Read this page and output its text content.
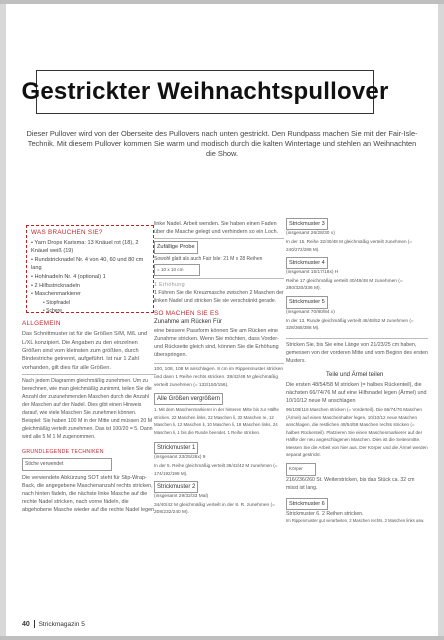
Gestrickter Weihnachtspullover

Dieser Pullover wird von der Oberseite des Pullovers nach unten gestrickt. Den Rundpass machen Sie mit der Fair-Isle-Technik. Mit diesem Pullover kommen Sie warm und modisch durch die kalten Wintertage und stehlen an Weihnachten die Show.

WAS BRAUCHEN SIE?
• Yarn Drops Karisma: 13 Knäuel rot (18), 2 Knäuel weiß (19)
• Rundstricknadel Nr. 4 von 40, 60 und 80 cm lang
• Hohlnadeln Nr. 4 (optional) 1
• 2 Hilfsstricknadeln
• Maschenmarkierer
• Stopfnadel
• Schere
ALLGEMEIN

Das Schnittmuster ist für die Größen S/M, M/L und L/XL konzipiert. Die Angaben zu den einzelnen Größen sind vom kleinsten zum größten, durch Bindestriche getrennt, aufgeführt. Ist nur 1 Zahl vorhanden, gilt dies für alle Größen.

Nach jedem Diagramm gleichmäßig zunehmen. Um zu berechnen, wie man gleichmäßig zunimmt, teilen Sie die Anzahl der zuzunehmenden Maschen durch die Anzahl der Maschen auf der Nadel. Dies gibt einen Hinweis darauf, wie viele Maschen Sie zunehmen können. Beispiel: Sie haben 100 M in der Mitte und müssen 20 M gleichmäßig verteilt zunehmen. Das ist 100/20 = 5. Dann wird alle 5 M 1 M zugenommen.

GRUNDLEGENDE TECHNIKEN
Stiche verwendet

Die verwendete Abkürzung SOT steht für Slip-Wrap-Back, die angegebene Maschenanzahl rechts stricken, nach hinten fädeln, die nächste linke Masche auf die rechte Nadel stricken, nach vorne fädeln, die abgehobene Masche wieder auf die rechte Nadel legen

linke Nadel. Arbeit wenden. Sie haben einen Faden über die Masche gelegt und verhindern so ein Loch.

Zufällige Probe

Sowohl glatt als auch Fair Isle: 21 M x 28 Reihen

= 10 x 10 cm
1 Erhöhung

1 Führen Sie die Kreuzmasche zwischen 2 Maschen der linken Nadel und stricken Sie sie verschränkt gerade.

SO MACHEN SIE ES
Zunahme am Rücken Für

eine bessere Passform können Sie am Rücken eine Zunahme stricken. Wenn Sie möchten, dass Vorder- und Rückseite gleich sind, können Sie die Erhöhung überspringen.

100, 108, 108 M anschlagen. 8 cm im Rippenmuster stricken und dann 1 Reihe rechts stricken. 38/42/48 M gleichmäßig verteilt zunehmen (= 132/150/156).

Alle Größen vergrößern

1. Mit dem Maschenmarkierer in der hinteren Mitte bis zur Hälfte stricken. 22 Maschen links, 22 Maschen li, 32 Maschen re, 12 Maschen li, 12 Maschen li, 10 Maschen li, 18 Maschen links, 24 Maschen li, 1 bis die Runde beendet. 1 Reihe stricken.

Strickmuster 1
(insgesamt 23/25/26x) 9

In der 5. Reihe gleichmäßig verteilt 36/42/42 M zunehmen (= 174/192/198 M).

Strickmuster 2
(insgesamt 29/32/33 Mal)

34/40/42 M gleichmäßig verteilt in der 8. R. zunehmen (= 208/232/240 M).

Strickmuster 3
(insgesamt 26/28/30 x)

In der 15. Reihe 32/40/48 M gleichmäßig verteilt zunehmen (= 240/272/288 M).

Strickmuster 4
(insgesamt 15/17/18x) H

Reihe 17 gleichmäßig verteilt 40/48/48 M zunehmen (= 280/320/336 M).

Strickmuster 5
(insgesamt 70/80/84 x)

In der 13. Runde gleichmäßig verteilt 48/48/52 M zunehmen (= 328/368/388 M).

Stricken Sie, bis Sie eine Länge von 21/23/25 cm haben, gemessen von der vorderen Mitte und vom Beginn des ersten Musters.

Teile und Ärmel teilen

Die ersten 48/54/58 M stricken (= halbes Rückenteil), die nächsten 66/74/76 M auf eine Hilfsnadel legen (Ärmel) und 10/10/12 neue M anschlagen

96/108/116 Maschen stricken (= Vorderteil). Die 66/74/76 Maschen (Ärmel) auf einen Maschenhalter legen, 10/10/12 neue Maschen anschlagen, die restlichen 48/54/58 Maschen rechts stricken (= halbes Rückenteil). Platzieren Sie einen Maschenmarkierer auf der Hälfte der neu angeschlagenen Maschen. Dies ist die Seitenmitte. Messen Sie die Arbeit von hier aus. Der Körper und die Ärmel werden separat gestrickt.

Körper

216/236/260 St. Weiterstricken, bis das Stück ca. 32 cm misst ist lang.

Strickmuster 6

Strickmuster 6. 2 Reihen stricken.

Im Rippenmuster gut verarbeiten. 2 Maschen rechts, 2 Maschen links usw.

40 Strickmagazin 5
